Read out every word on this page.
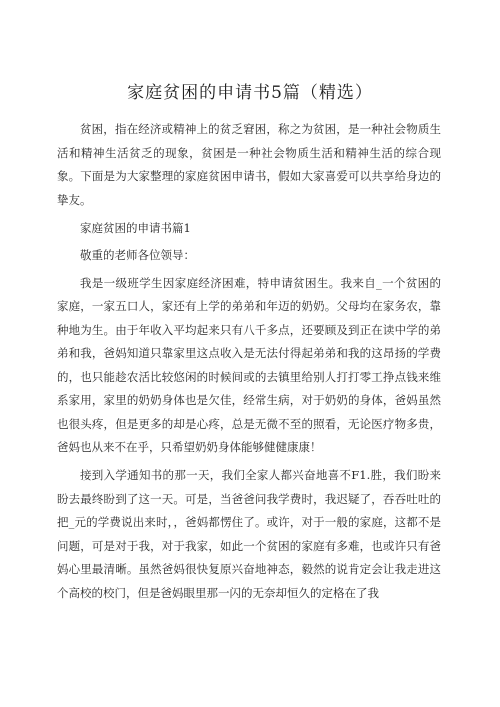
家庭贫困的申请书5篇（精选）

贫困，指在经济或精神上的贫乏窘困，称之为贫困，是一种社会物质生活和精神生活贫乏的现象，贫困是一种社会物质生活和精神生活的综合现象。下面是为大家整理的家庭贫困申请书，假如大家喜爱可以共享给身边的挚友。

家庭贫困的申请书篇1

敬重的老师各位领导：

我是一级班学生因家庭经济困难，特申请贫困生。我来自_一个贫困的家庭，一家五口人，家还有上学的弟弟和年迈的奶奶。父母均在家务农，靠种地为生。由于年收入平均起来只有八千多点，还要顾及到正在读中学的弟弟和我，爸妈知道只靠家里这点收入是无法付得起弟弟和我的这昂扬的学费的，也只能趁农活比较悠闲的时候间或的去镇里给别人打打零工挣点钱来维系家用，家里的奶奶身体也是欠佳，经常生病，对于奶奶的身体，爸妈虽然也很头疼，但是更多的却是心疼，总是无微不至的照看，无论医疗物多贵，爸妈也从来不在乎，只希望奶奶身体能够健健康康！

接到入学通知书的那一天，我们全家人都兴奋地喜不F1.胜，我们盼来盼去最终盼到了这一天。可是，当爸爸问我学费时，我迟疑了，吞吞吐吐的把_元的学费说出来时，，爸妈都愣住了。或许，对于一般的家庭，这都不是问题，可是对于我，对于我家，如此一个贫困的家庭有多难，也或许只有爸妈心里最清晰。虽然爸妈很快复原兴奋地神态，毅然的说肯定会让我走进这个高校的校门，但是爸妈眼里那一闪的无奈却恒久的定格在了我
